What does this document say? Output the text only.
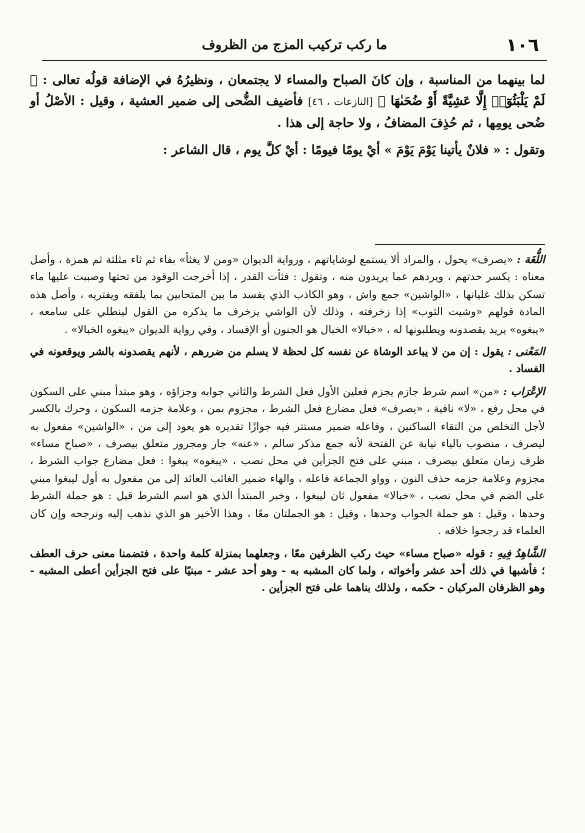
١٠٦
ما ركب تركيب المزج من الظروف

لما بينهما من المناسبة ، وإن كانَ الصباح والمساء لا يجتمعان ، ونظيرُهُ في الإضافة قولُه تعالى : ﴿ لَمْ يَلْبَثُوٓا۟ إِلَّا عَشِيَّةً أَوْ ضُحَىٰهَا ﴾ [النازعات ، ٤٦] فأضيف الضُّحى إلى ضمير العشية ، وقيل : الأصْلُ أو ضُحى يومِها ، ثم حُذِفَ المضافُ ، ولا حاجة إلى هذا .

وتقول : « فلانٌ يأتينا يَوْمَ يَوْمَ » أيْ يومًا فيومًا : أيْ كلَّ يوم ، قال الشاعر :

اللُّغَة : «يصرف» يحول ، والمراد ألا يستمع لوشاياتهم ، ورواية الديوان «ومن لا يغثأ» بفاء ثم ثاء مثلثة ثم همزة ، وأصل معناه : يكسر حدتهم ، ويردهم عما يريدون منه ، وتقول : فثأت القدر ، إذا أخرجت الوقود من تحتها وصببت عليها ماء تسكن بذلك غليانها ، «الواشين» جمع واش ، وهو الكاذب الذي يفسد ما بين المتحابين بما يلفقه ويفتريه ، وأصل هذه المادة قولهم «وشيت الثوب» إذا زخرفته ، وذلك لأن الواشي يزخرف ما يذكره من القول لينطلي على سامعه ، «يبغوه» يريد يقصدونه ويطلبونها له ، «خبالا» الخبال هو الجنون أو الإفساد ، وفي رواية الديوان «يبغوه الخبالا» .

المَعْنى : يقول : إن من لا يباعد الوشاة عن نفسه كل لحظة لا يسلم من ضررهم ، لأنهم يقصدونه بالشر ويوقعونه في الفساد .

الإعْرَاب : «من» اسم شرط جازم يجزم فعلين الأول فعل الشرط والثاني جوابه وجزاؤه ، وهو مبتدأ مبني على السكون في محل رفع ، «لا» نافية ، «يصرف» فعل مضارع فعل الشرط ، مجزوم بمن ، وعلامة جزمه السكون ، وحرك بالكسر لأجل التخلص من التقاء الساكنين ، وفاعله ضمير مستتر فيه جوازًا تقديره هو يعود إلى من ، «الواشين» مفعول به ليصرف ، منصوب بالياء نيابة عن الفتحة لأنه جمع مذكر سالم ، «عنه» جار ومجرور متعلق بيصرف ، «صباح مساء» ظرف زمان متعلق بيصرف ، مبني على فتح الجزأين في محل نصب ، «يبغوه» يبغوا : فعل مضارع جواب الشرط ، مجزوم وعلامة جزمه حذف النون ، وواو الجماعة فاعله ، والهاء ضمير الغائب العائد إلى من مفعول به أول ليبغوا مبني على الضم في محل نصب ، «خبالا» مفعول ثان ليبغوا ، وخبر المبتدأ الذي هو اسم الشرط قيل : هو جملة الشرط وحدها ، وقيل : هو جملة الجواب وحدها ، وقيل : هو الجملتان معًا ، وهذا الأخير هو الذي نذهب إليه ونرجحه وإن كان العلماء قد رجحوا خلافه .

الشَّاهِدُ فِيهِ : قوله «صباح مساء» حيث ركب الظرفين معًا ، وجعلهما بمنزلة كلمة واحدة ، فتضمنا معنى حرف العطف ؛ فأشبها في ذلك أحد عشر وأخواته ، ولما كان المشبه به - وهو أحد عشر - مبنيًا على فتح الجزأين أعطى المشبه - وهو الظرفان المركبان - حكمه ، ولذلك بناهما على فتح الجزأين .
